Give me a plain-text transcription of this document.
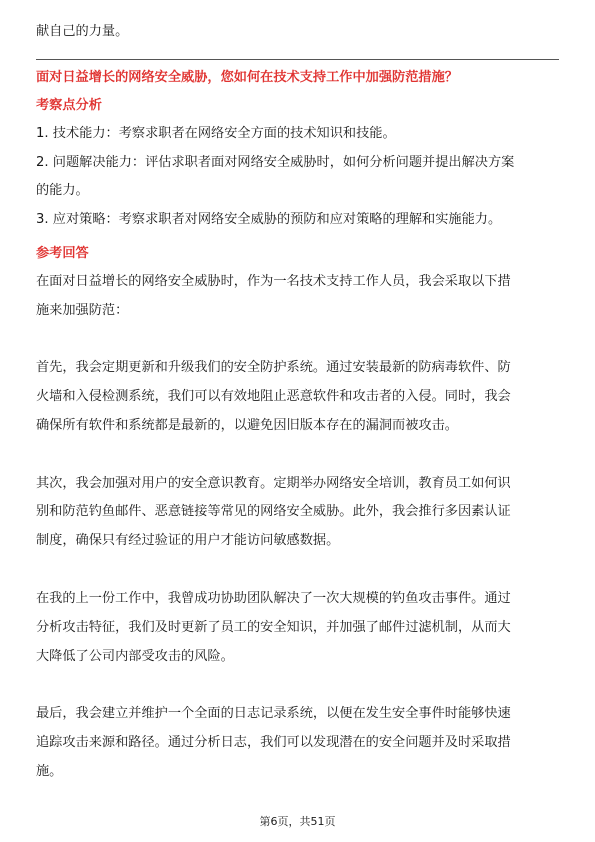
献自己的力量。
面对日益增长的网络安全威胁，您如何在技术支持工作中加强防范措施？
考察点分析
1. 技术能力：考察求职者在网络安全方面的技术知识和技能。
2. 问题解决能力：评估求职者面对网络安全威胁时，如何分析问题并提出解决方案
的能力。
3. 应对策略：考察求职者对网络安全威胁的预防和应对策略的理解和实施能力。
参考回答
在面对日益增长的网络安全威胁时，作为一名技术支持工作人员，我会采取以下措
施来加强防范：
首先，我会定期更新和升级我们的安全防护系统。通过安装最新的防病毒软件、防
火墙和入侵检测系统，我们可以有效地阻止恶意软件和攻击者的入侵。同时，我会
确保所有软件和系统都是最新的，以避免因旧版本存在的漏洞而被攻击。
其次，我会加强对用户的安全意识教育。定期举办网络安全培训，教育员工如何识
别和防范钓鱼邮件、恶意链接等常见的网络安全威胁。此外，我会推行多因素认证
制度，确保只有经过验证的用户才能访问敏感数据。
在我的上一份工作中，我曾成功协助团队解决了一次大规模的钓鱼攻击事件。通过
分析攻击特征，我们及时更新了员工的安全知识，并加强了邮件过滤机制，从而大
大降低了公司内部受攻击的风险。
最后，我会建立并维护一个全面的日志记录系统，以便在发生安全事件时能够快速
追踪攻击来源和路径。通过分析日志，我们可以发现潜在的安全问题并及时采取措
施。
第6页，共51页
